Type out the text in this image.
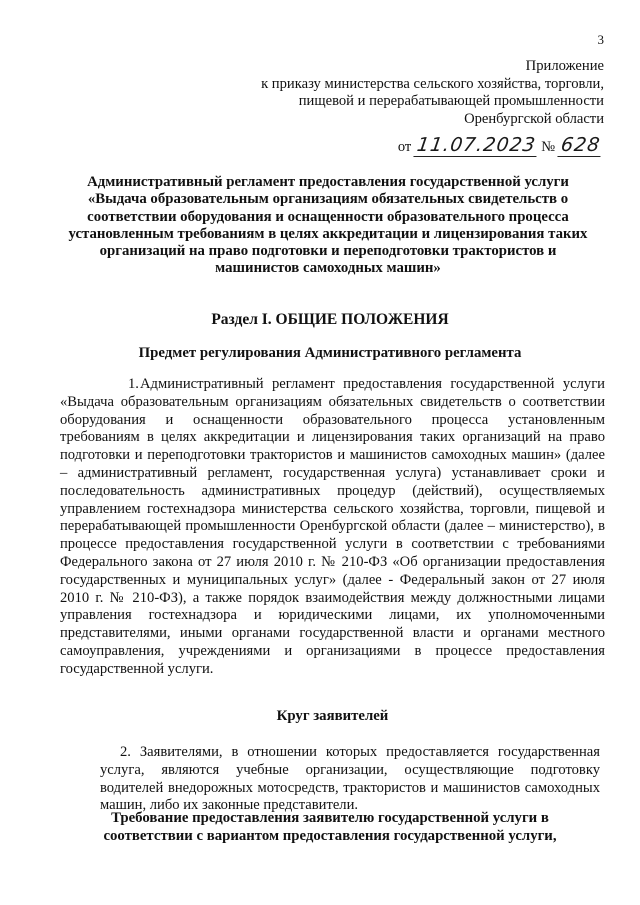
3
Приложение
к приказу министерства сельского хозяйства, торговли,
пищевой и перерабатывающей промышленности
Оренбургской области
от 11.07.2023 № 628
Административный регламент предоставления государственной услуги «Выдача образовательным организациям обязательных свидетельств о соответствии оборудования и оснащенности образовательного процесса установленным требованиям в целях аккредитации и лицензирования таких организаций на право подготовки и переподготовки трактористов и машинистов самоходных машин»
Раздел I. ОБЩИЕ ПОЛОЖЕНИЯ
Предмет регулирования Административного регламента
1.Административный регламент предоставления государственной услуги «Выдача образовательным организациям обязательных свидетельств о соответствии оборудования и оснащенности образовательного процесса установленным требованиям в целях аккредитации и лицензирования таких организаций на право подготовки и переподготовки трактористов и машинистов самоходных машин» (далее – административный регламент, государственная услуга) устанавливает сроки и последовательность административных процедур (действий), осуществляемых управлением гостехнадзора министерства сельского хозяйства, торговли, пищевой и перерабатывающей промышленности Оренбургской области (далее – министерство), в процессе предоставления государственной услуги в соответствии с требованиями Федерального закона от 27 июля 2010 г. № 210-ФЗ «Об организации предоставления государственных и муниципальных услуг» (далее - Федеральный закон от 27 июля 2010 г. № 210-ФЗ), а также порядок взаимодействия между должностными лицами управления гостехнадзора и юридическими лицами, их уполномоченными представителями, иными органами государственной власти и органами местного самоуправления, учреждениями и организациями в процессе предоставления государственной услуги.
Круг заявителей
2. Заявителями, в отношении которых предоставляется государственная услуга, являются учебные организации, осуществляющие подготовку водителей внедорожных мотосредств, трактористов и машинистов самоходных машин, либо их законные представители.
Требование предоставления заявителю государственной услуги в соответствии с вариантом предоставления государственной услуги,
